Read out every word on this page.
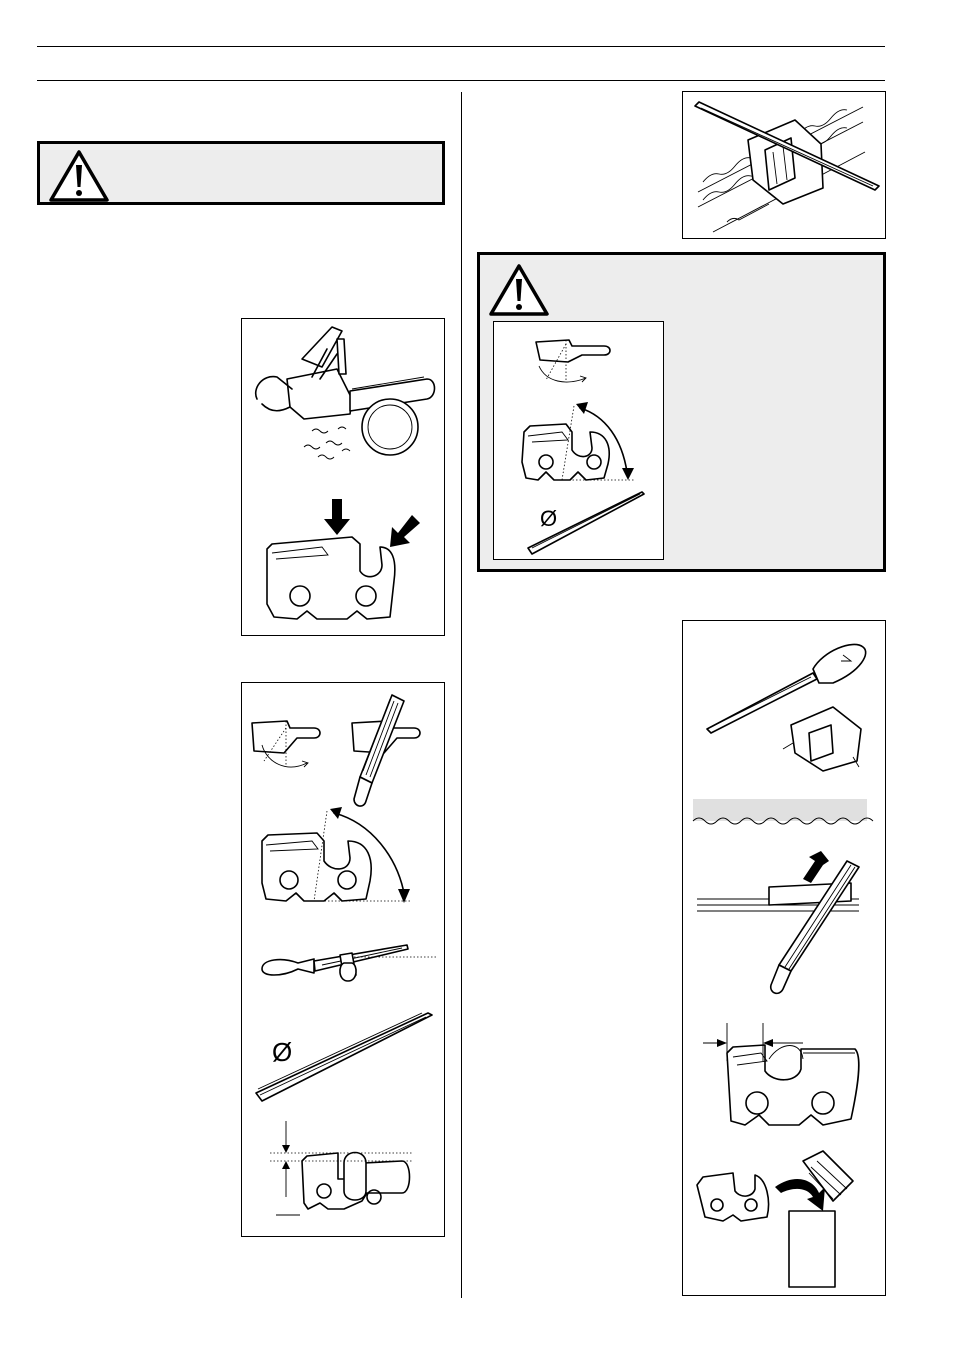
Ø
Ø
